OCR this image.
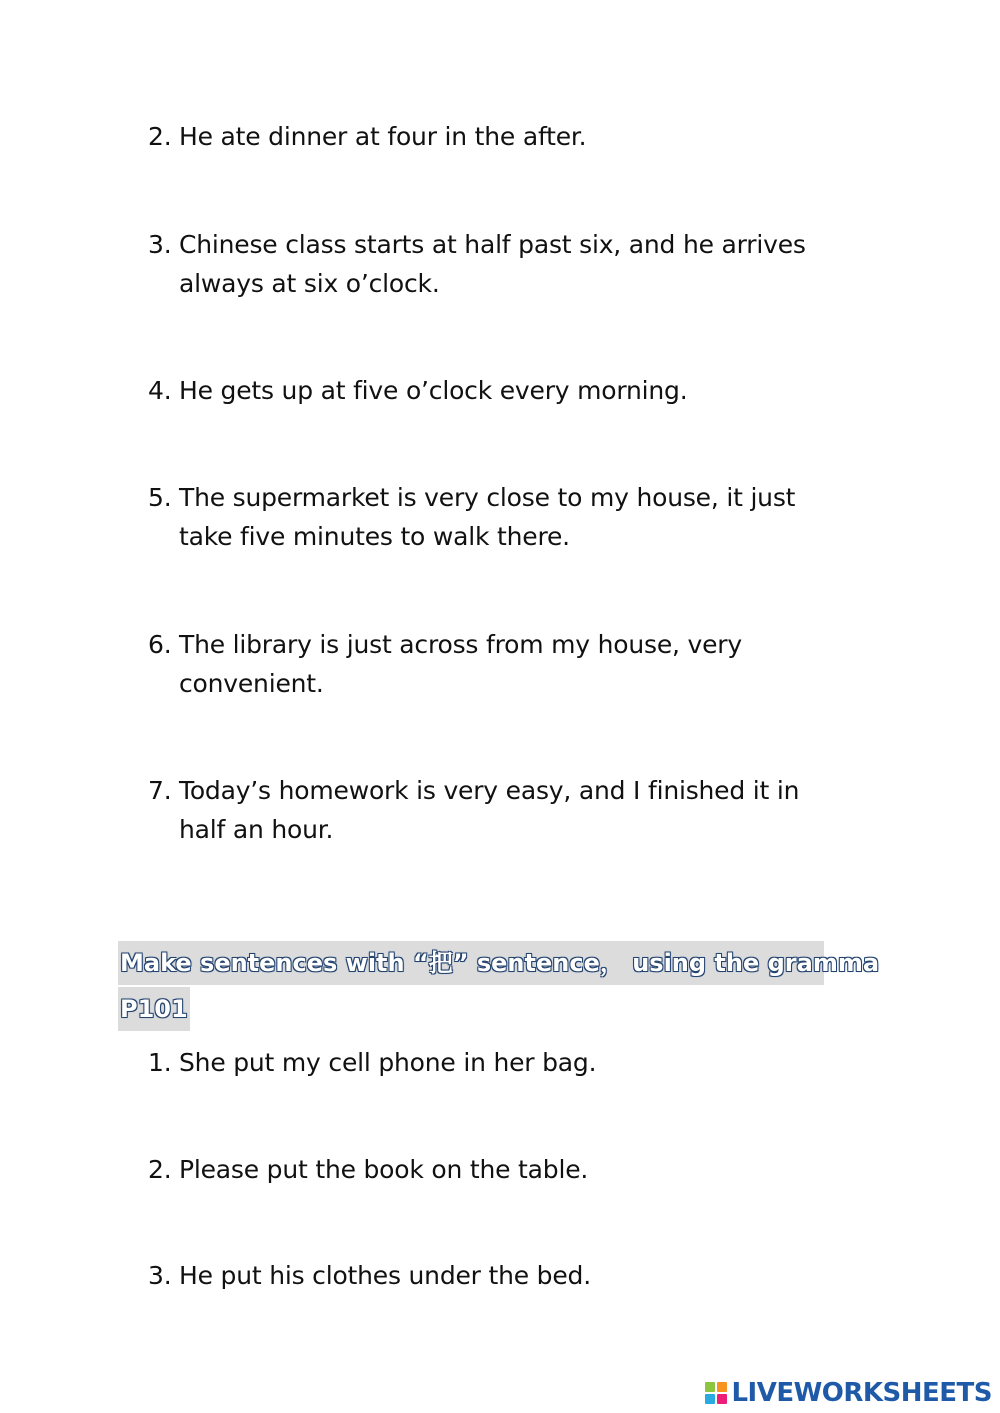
2. He ate dinner at four in the after.
3. Chinese class starts at half past six, and he arrives always at six o’clock.
4. He gets up at five o’clock every morning.
5. The supermarket is very close to my house, it just take five minutes to walk there.
6. The library is just across from my house, very convenient.
7. Today’s homework is very easy, and I finished it in half an hour.
Make sentences with “把” sentence， using the gramma
P101
1. She put my cell phone in her bag.
2. Please put the book on the table.
3. He put his clothes under the bed.
LIVEWORKSHEETS
